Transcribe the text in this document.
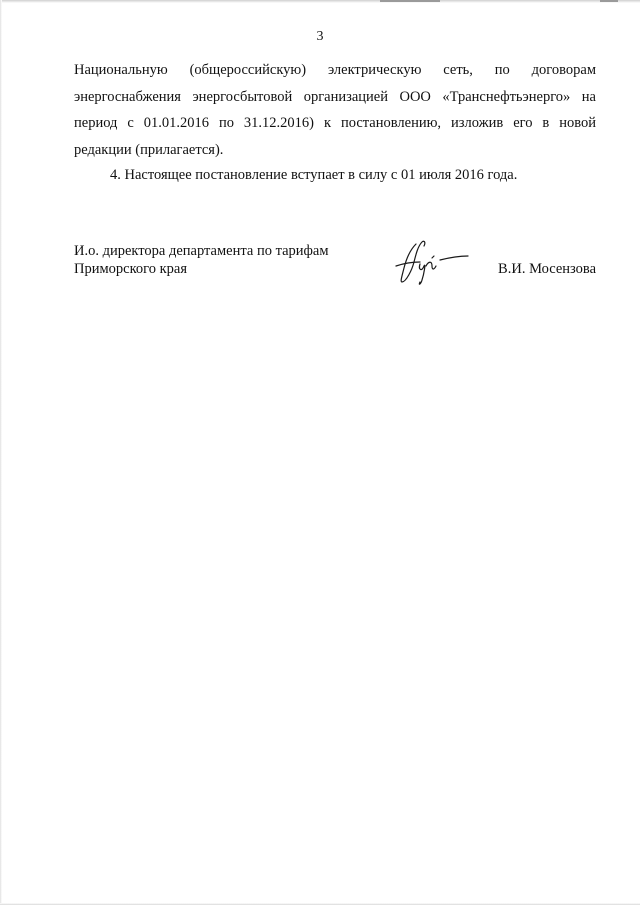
3
Национальную (общероссийскую) электрическую сеть, по договорам
энергоснабжения энергосбытовой организацией ООО «Транснефтьэнерго» на
период с 01.01.2016 по 31.12.2016) к постановлению, изложив его в новой
редакции (прилагается).
4. Настоящее постановление вступает в силу с 01 июля 2016 года.
И.о. директора департамента по тарифам
Приморского края	В.И. Мосензова
